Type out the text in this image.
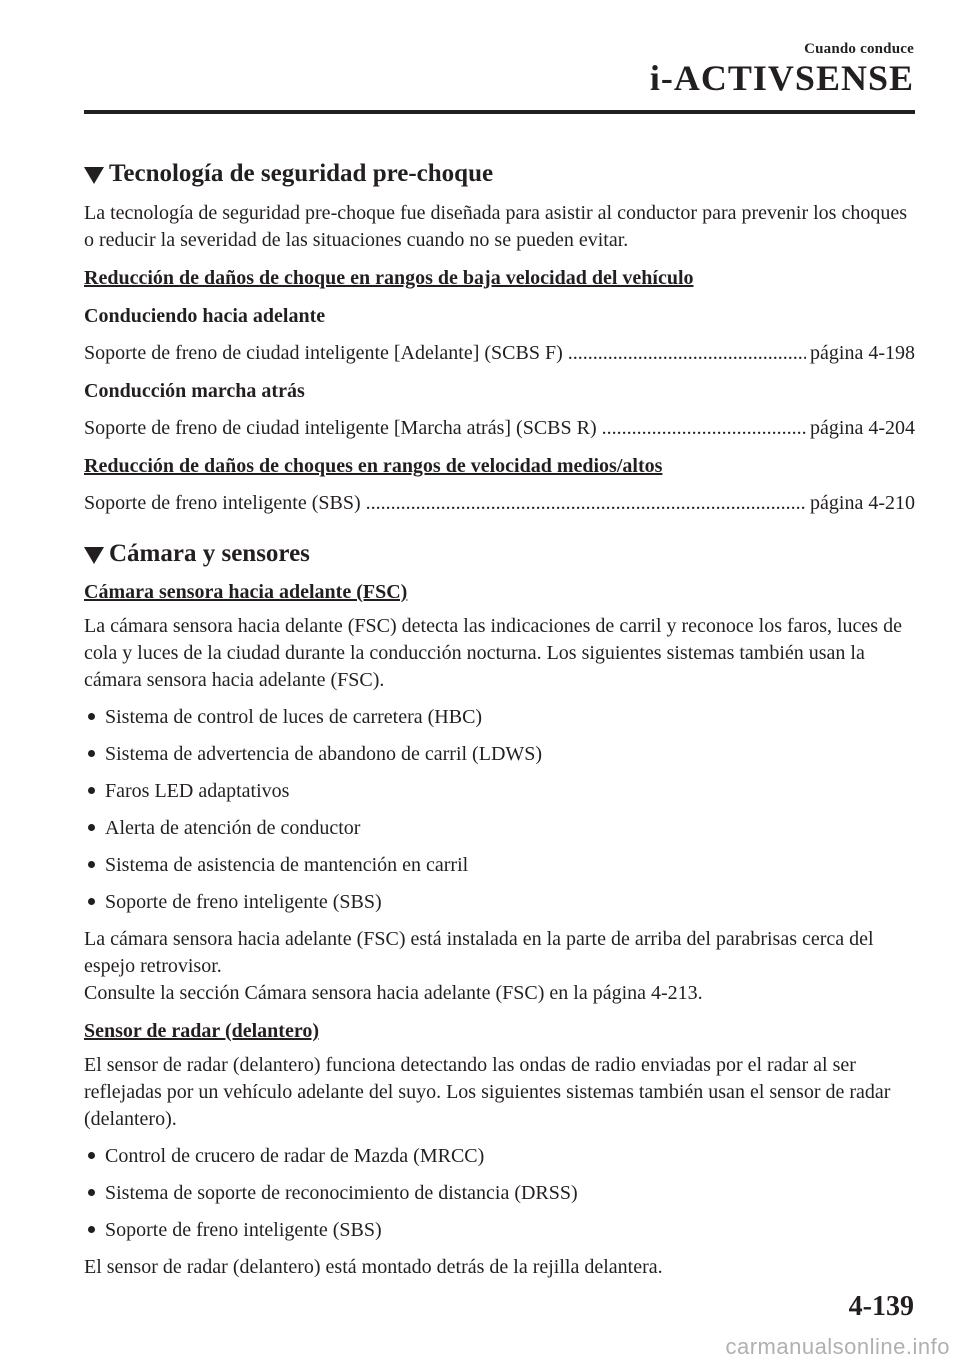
Cuando conduce
i-ACTIVSENSE
Tecnología de seguridad pre-choque

La tecnología de seguridad pre-choque fue diseñada para asistir al conductor para prevenir los choques o reducir la severidad de las situaciones cuando no se pueden evitar.

Reducción de daños de choque en rangos de baja velocidad del vehículo

Conduciendo hacia adelante

Soporte de freno de ciudad inteligente [Adelante] (SCBS F) .....	página 4-198

Conducción marcha atrás

Soporte de freno de ciudad inteligente [Marcha atrás] (SCBS R) .....	página 4-204

Reducción de daños de choques en rangos de velocidad medios/altos

Soporte de freno inteligente (SBS) .....	página 4-210
Cámara y sensores

Cámara sensora hacia adelante (FSC)

La cámara sensora hacia delante (FSC) detecta las indicaciones de carril y reconoce los faros, luces de cola y luces de la ciudad durante la conducción nocturna. Los siguientes sistemas también usan la cámara sensora hacia adelante (FSC).

Sistema de control de luces de carretera (HBC)
Sistema de advertencia de abandono de carril (LDWS)
Faros LED adaptativos
Alerta de atención de conductor
Sistema de asistencia de mantención en carril
Soporte de freno inteligente (SBS)

La cámara sensora hacia adelante (FSC) está instalada en la parte de arriba del parabrisas cerca del espejo retrovisor.

Consulte la sección Cámara sensora hacia adelante (FSC) en la página 4-213.

Sensor de radar (delantero)

El sensor de radar (delantero) funciona detectando las ondas de radio enviadas por el radar al ser reflejadas por un vehículo adelante del suyo. Los siguientes sistemas también usan el sensor de radar (delantero).

Control de crucero de radar de Mazda (MRCC)
Sistema de soporte de reconocimiento de distancia (DRSS)
Soporte de freno inteligente (SBS)

El sensor de radar (delantero) está montado detrás de la rejilla delantera.

4-139
carmanualsonline.info
